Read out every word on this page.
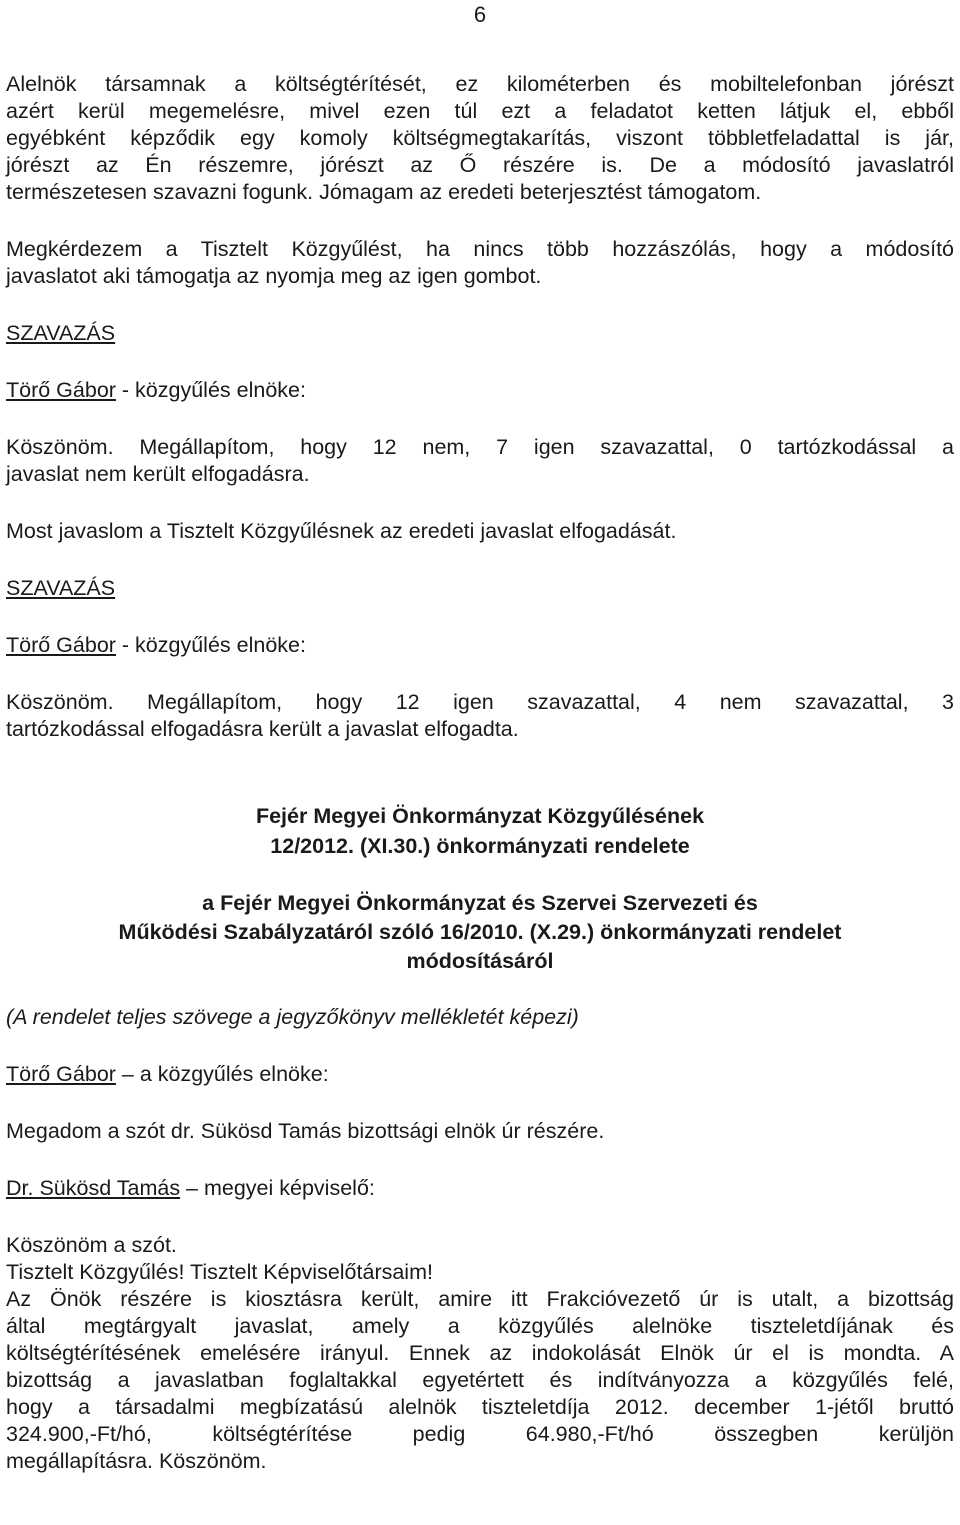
6

Alelnök társamnak a költségtérítését, ez kilométerben és mobiltelefonban jórészt

azért kerül megemelésre, mivel ezen túl ezt a feladatot ketten látjuk el, ebből

egyébként képződik egy komoly költségmegtakarítás, viszont többletfeladattal is jár,

jórészt az Én részemre, jórészt az Ő részére is. De a módosító javaslatról

természetesen szavazni fogunk. Jómagam az eredeti beterjesztést támogatom.

Megkérdezem a Tisztelt Közgyűlést, ha nincs több hozzászólás, hogy a módosító

javaslatot aki támogatja az nyomja meg az igen gombot.

SZAVAZÁS

Törő Gábor - közgyűlés elnöke:

Köszönöm. Megállapítom, hogy 12 nem, 7 igen szavazattal, 0 tartózkodással a

javaslat nem került elfogadásra.

Most javaslom a Tisztelt Közgyűlésnek az eredeti javaslat elfogadását.

SZAVAZÁS

Törő Gábor - közgyűlés elnöke:

Köszönöm. Megállapítom, hogy 12 igen szavazattal, 4 nem szavazattal, 3

tartózkodással elfogadásra került a javaslat elfogadta.

Fejér Megyei Önkormányzat Közgyűlésének

12/2012. (XI.30.) önkormányzati rendelete

a Fejér Megyei Önkormányzat és Szervei Szervezeti és

Működési Szabályzatáról szóló 16/2010. (X.29.) önkormányzati rendelet

módosításáról

(A rendelet teljes szövege a jegyzőkönyv mellékletét képezi)

Törő Gábor – a közgyűlés elnöke:

Megadom a szót dr. Sükösd Tamás bizottsági elnök úr részére.

Dr. Sükösd Tamás – megyei képviselő:

Köszönöm a szót.

Tisztelt Közgyűlés! Tisztelt Képviselőtársaim!

Az Önök részére is kiosztásra került, amire itt Frakcióvezető úr is utalt, a bizottság

által megtárgyalt javaslat, amely a közgyűlés alelnöke tiszteletdíjának és

költségtérítésének emelésére irányul. Ennek az indokolását Elnök úr el is mondta. A

bizottság a javaslatban foglaltakkal egyetértett és indítványozza a közgyűlés felé,

hogy a társadalmi megbízatású alelnök tiszteletdíja 2012. december 1-jétől bruttó

324.900,-Ft/hó, költségtérítése pedig 64.980,-Ft/hó összegben kerüljön

megállapításra. Köszönöm.
